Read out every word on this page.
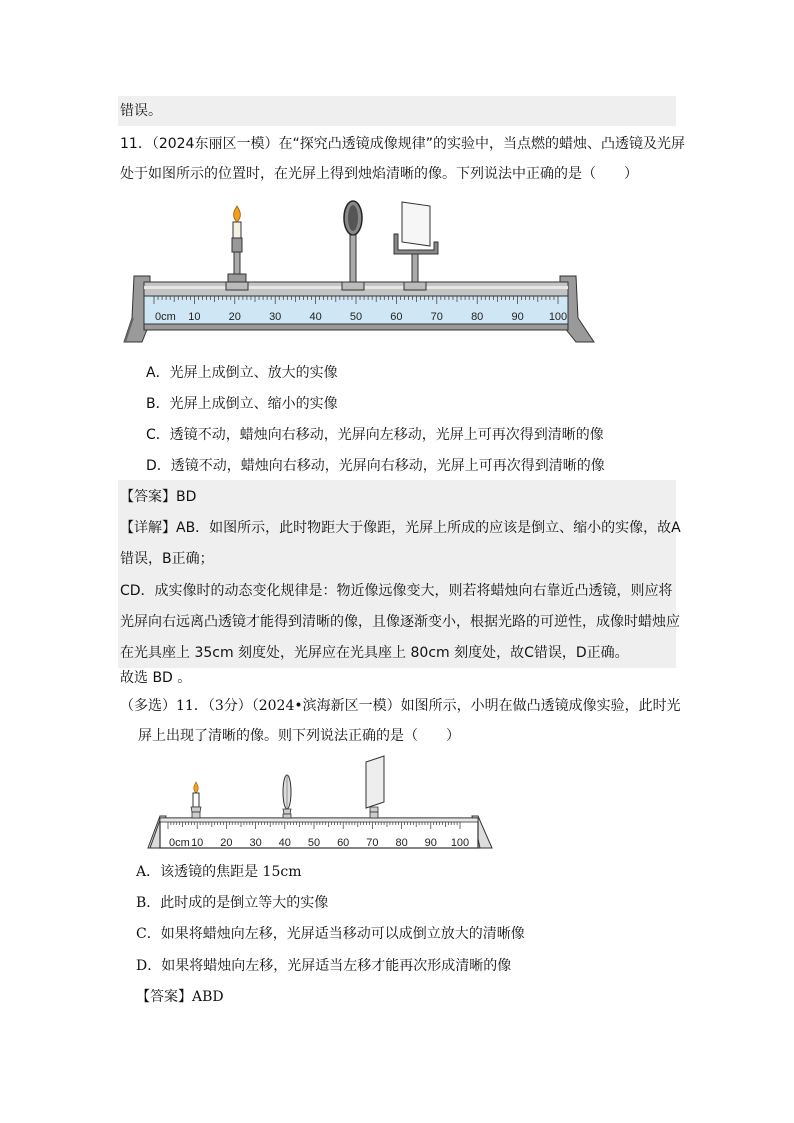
错误。
11．（2024东丽区一模）在“探究凸透镜成像规律”的实验中，当点燃的蜡烛、凸透镜及光屏
处于如图所示的位置时，在光屏上得到烛焰清晰的像。下列说法中正确的是（　　）
0cm 10	20	30	40	50	60	70	80	90 100
A．光屏上成倒立、放大的实像
B．光屏上成倒立、缩小的实像
C．透镜不动，蜡烛向右移动，光屏向左移动，光屏上可再次得到清晰的像
D．透镜不动，蜡烛向右移动，光屏向右移动，光屏上可再次得到清晰的像
【答案】BD
【详解】AB．如图所示，此时物距大于像距，光屏上所成的应该是倒立、缩小的实像，故A
错误，B正确；
CD．成实像时的动态变化规律是：物近像远像变大，则若将蜡烛向右靠近凸透镜，则应将
光屏向右远离凸透镜才能得到清晰的像，且像逐渐变小，根据光路的可逆性，成像时蜡烛应
在光具座上 35cm 刻度处，光屏应在光具座上 80cm 刻度处，故C错误，D正确。
故选 BD 。
（多选）11．（3分）（2024•滨海新区一模）如图所示，小明在做凸透镜成像实验，此时光
屏上出现了清晰的像。则下列说法正确的是（　　）
0cm 10 20 30 40 50 60 70 80 90 100
A．该透镜的焦距是 15cm
B．此时成的是倒立等大的实像
C．如果将蜡烛向左移，光屏适当移动可以成倒立放大的清晰像
D．如果将蜡烛向左移，光屏适当左移才能再次形成清晰的像
【答案】ABD
